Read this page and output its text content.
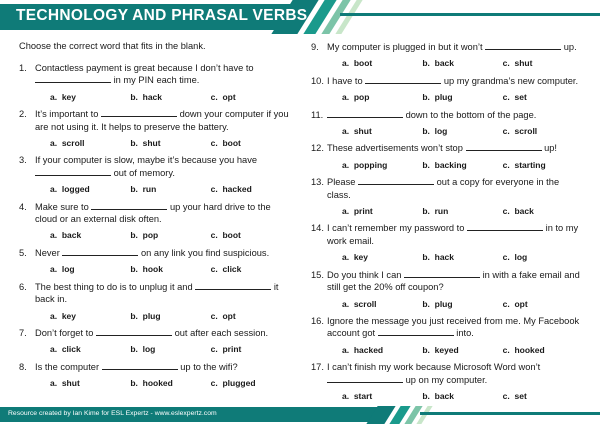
TECHNOLOGY AND PHRASAL VERBS
Choose the correct word that fits in the blank.
1. Contactless payment is great because I don’t have to  in my PIN each time.
a. key	b. hack	c. opt
2. It’s important to	down your computer if you are not using it. It helps to preserve the battery.
a. scroll	b. shut	c. boot
3. If your computer is slow, maybe it’s because you have  out of memory.
a. logged	b. run	c. hacked
4. Make sure to	up your hard drive to the cloud or an external disk often.
a. back	b. pop	c. boot
5. Never	on any link you find suspicious.
a. log	b. hook	c. click
6. The best thing to do is to unplug it and	it back in.
a. key	b. plug	c. opt
7. Don’t forget to	out after each session.
a. click	b. log	c. print
8. Is the computer	up to the wifi?
a. shut	b. hooked	c. plugged
9. My computer is plugged in but it won’t	up.
a. boot	b. back	c. shut
10. I have to	up my grandma’s new computer.
a. pop	b. plug	c. set
11.	down to the bottom of the page.
a. shut	b. log	c. scroll
12. These advertisements won’t stop	up!
a. popping	b. backing	c. starting
13. Please	out a copy for everyone in the class.
a. print	b. run	c. back
14. I can’t remember my password to	in to my work email.
a. key	b. hack	c. log
15. Do you think I can	in with a fake email and still get the 20% off coupon?
a. scroll	b. plug	c. opt
16. Ignore the message you just received from me. My Facebook account got	into.
a. hacked	b. keyed	c. hooked
17. I can’t finish my work because Microsoft Word won’t  up on my computer.
a. start	b. back	c. set
Resource created by Ian Kime for ESL Expertz - www.eslexpertz.com
